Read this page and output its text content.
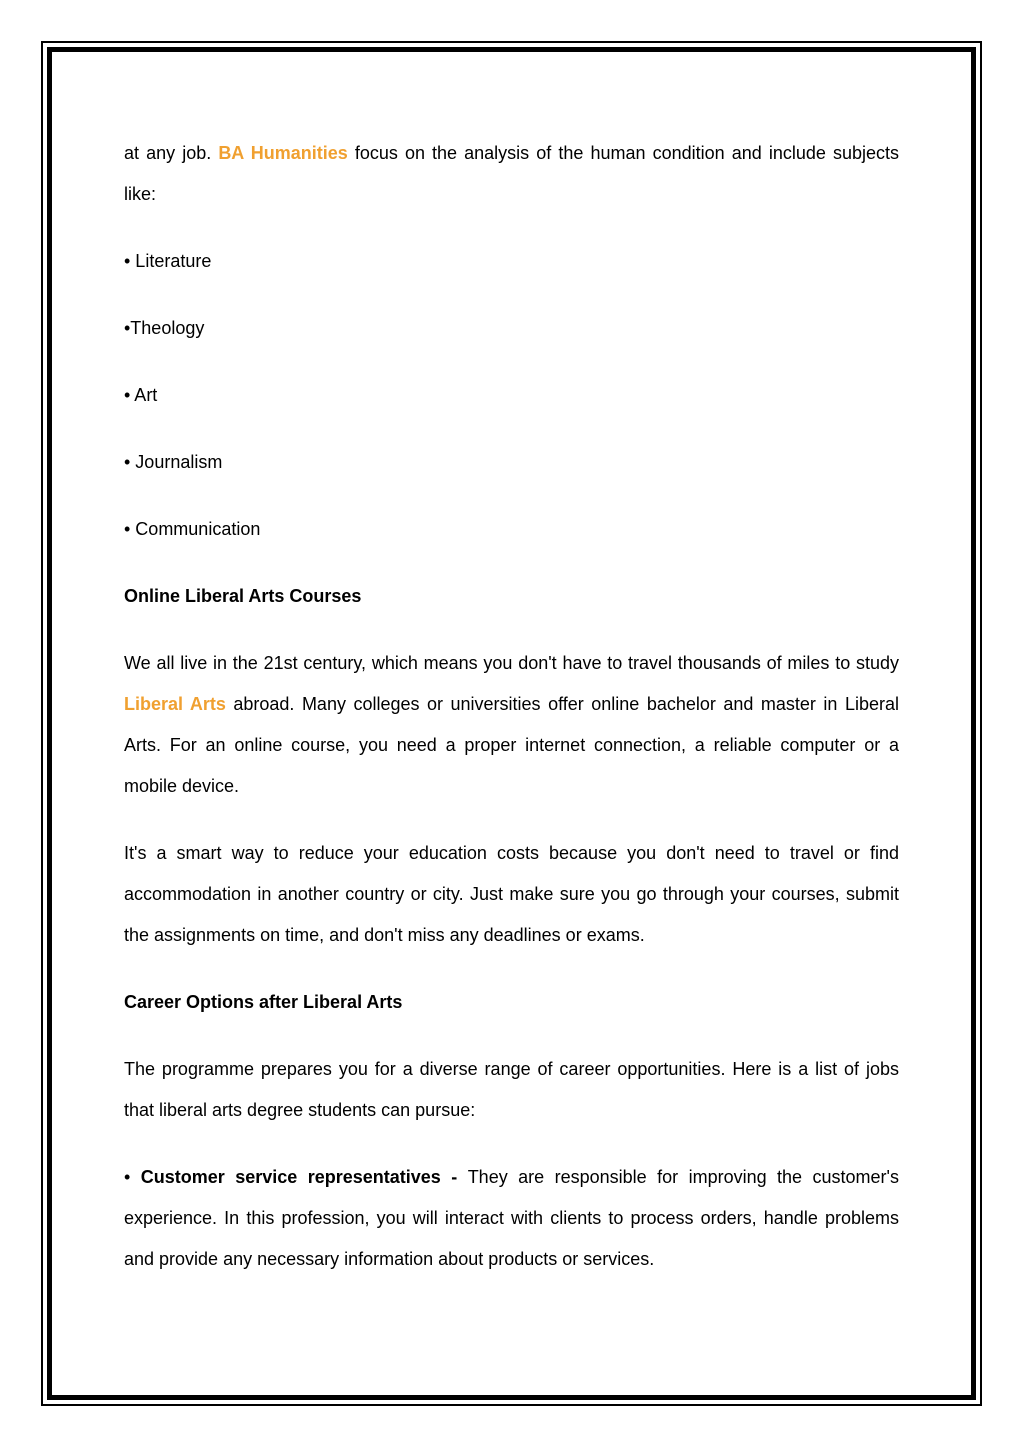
at any job. BA Humanities focus on the analysis of the human condition and include subjects like:

• Literature

•Theology

• Art

• Journalism

• Communication

Online Liberal Arts Courses

We all live in the 21st century, which means you don't have to travel thousands of miles to study Liberal Arts abroad. Many colleges or universities offer online bachelor and master in Liberal Arts. For an online course, you need a proper internet connection, a reliable computer or a mobile device.

It's a smart way to reduce your education costs because you don't need to travel or find accommodation in another country or city. Just make sure you go through your courses, submit the assignments on time, and don't miss any deadlines or exams.

Career Options after Liberal Arts

The programme prepares you for a diverse range of career opportunities. Here is a list of jobs that liberal arts degree students can pursue:

• Customer service representatives - They are responsible for improving the customer's experience. In this profession, you will interact with clients to process orders, handle problems and provide any necessary information about products or services.
